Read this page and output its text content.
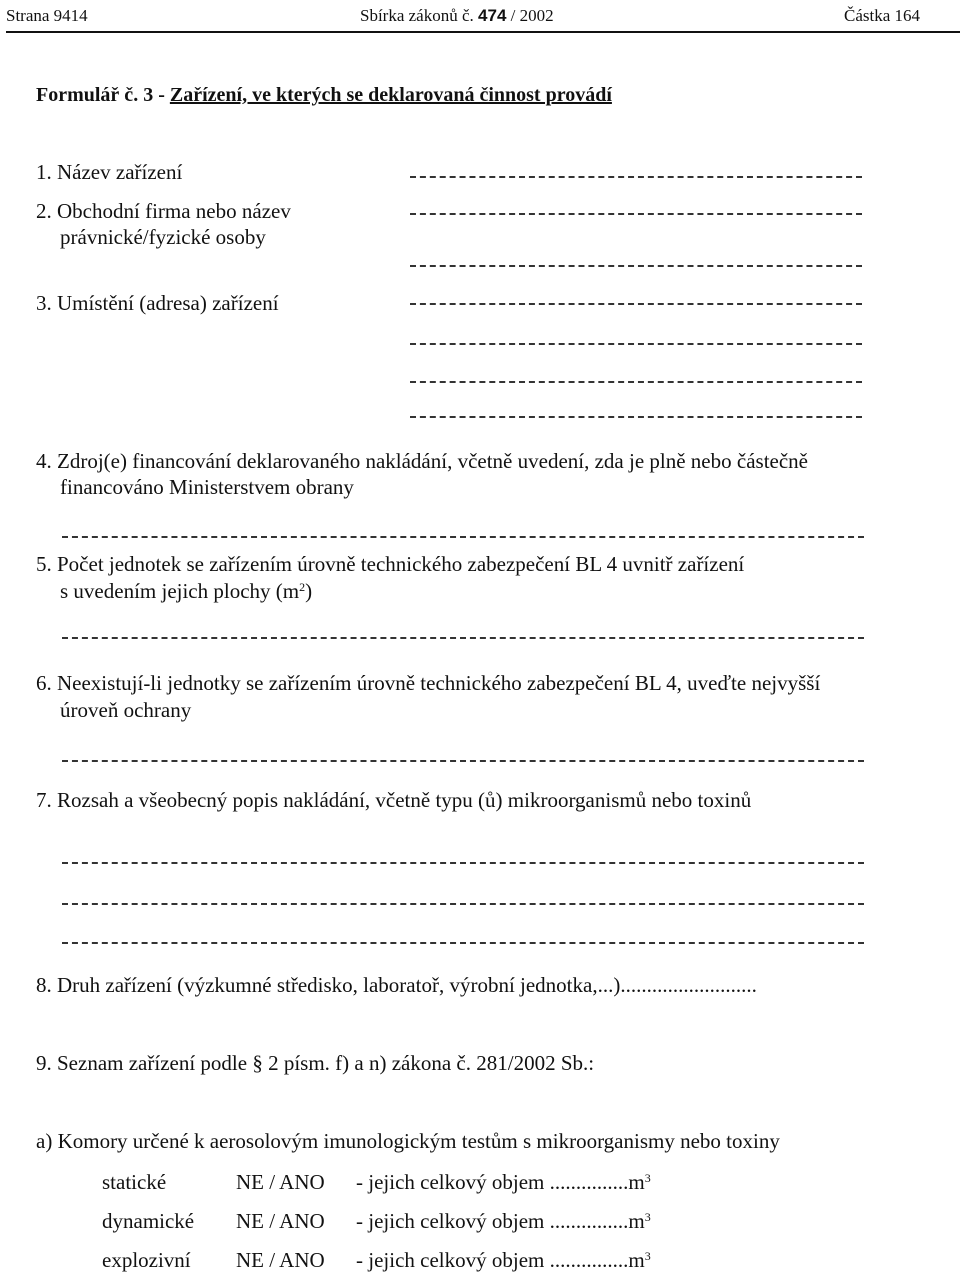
Strana 9414	Sbírka zákonů č. 474 / 2002	Částka 164
Formulář č. 3 - Zařízení, ve kterých se deklarovaná činnost provádí
1. Název zařízení
2. Obchodní firma nebo název
právnické/fyzické osoby
3. Umístění (adresa) zařízení
4. Zdroj(e) financování deklarovaného nakládání, včetně uvedení, zda je plně nebo částečně
financováno Ministerstvem obrany
5. Počet jednotek se zařízením úrovně technického zabezpečení BL 4 uvnitř zařízení
s uvedením jejich plochy $(m^2)$
6. Neexistují-li jednotky se zařízením úrovně technického zabezpečení BL 4, uveďte nejvyšší
úroveň ochrany
7. Rozsah a všeobecný popis nakládání, včetně typu (ů) mikroorganismů nebo toxinů
8. Druh zařízení (výzkumné středisko, laboratoř, výrobní jednotka,...)..........................
9. Seznam zařízení podle § 2 písm. f) a n) zákona č. 281/2002 Sb.:
a) Komory určené k aerosolovým imunologickým testům s mikroorganismy nebo toxiny
statické	NE / ANO - jejich celkový objem $...............m^3$
dynamické NE / ANO - jejich celkový objem $...............m^3$
explozivní NE / ANO - jejich celkový objem $...............m^3$
